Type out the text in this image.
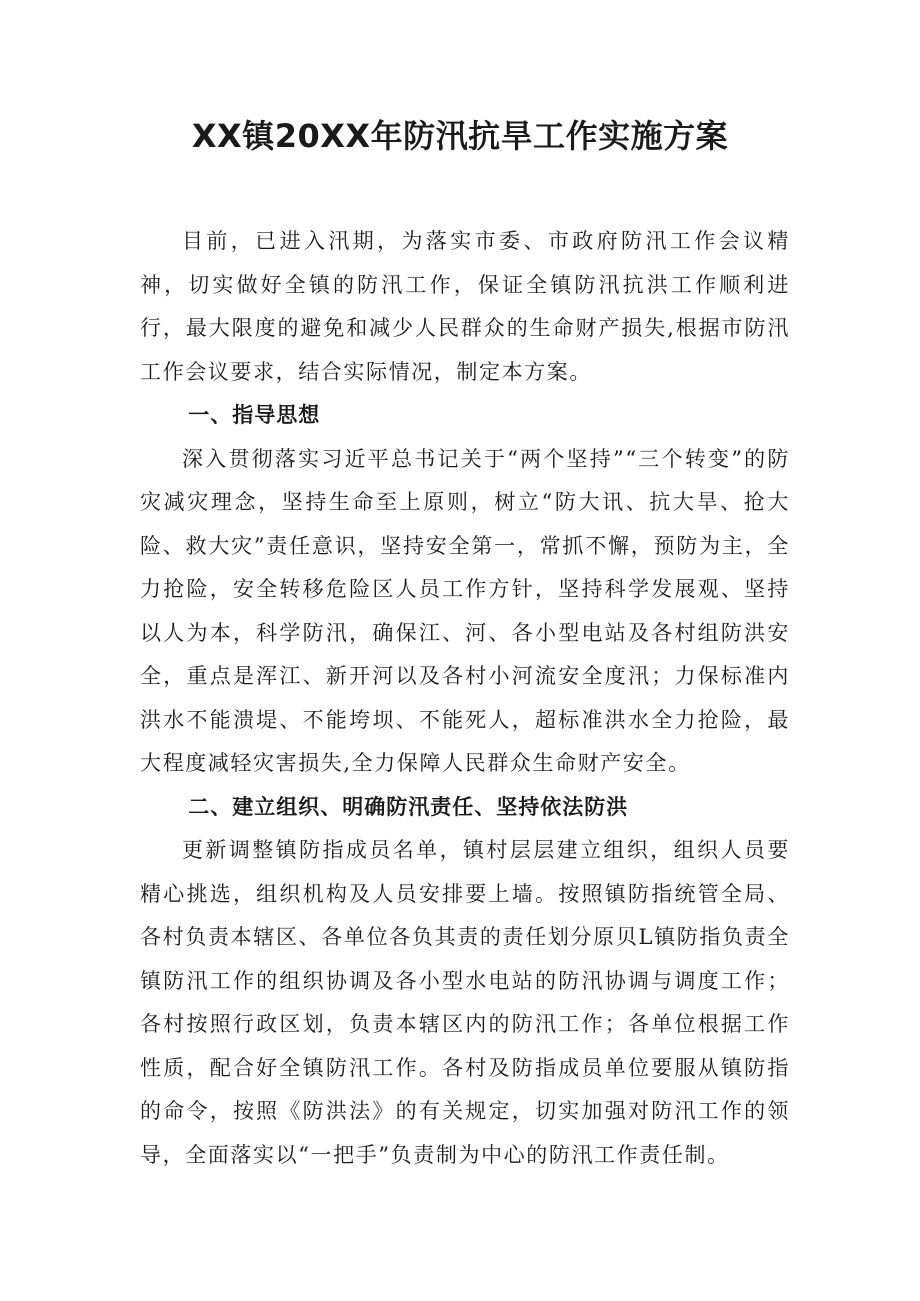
XX镇20XX年防汛抗旱工作实施方案

目前，已进入汛期，为落实市委、市政府防汛工作会议精神，切实做好全镇的防汛工作，保证全镇防汛抗洪工作顺利进行，最大限度的避免和减少人民群众的生命财产损失,根据市防汛工作会议要求，结合实际情况，制定本方案。

一、指导思想

深入贯彻落实习近平总书记关于“两个坚持”“三个转变”的防灾减灾理念，坚持生命至上原则，树立“防大讯、抗大旱、抢大险、救大灾”责任意识，坚持安全第一，常抓不懈，预防为主，全力抢险，安全转移危险区人员工作方针，坚持科学发展观、坚持以人为本，科学防汛，确保江、河、各小型电站及各村组防洪安全，重点是浑江、新开河以及各村小河流安全度汛；力保标准内洪水不能溃堤、不能垮坝、不能死人，超标准洪水全力抢险，最大程度减轻灾害损失,全力保障人民群众生命财产安全。

二、建立组织、明确防汛责任、坚持依法防洪

更新调整镇防指成员名单，镇村层层建立组织，组织人员要精心挑选，组织机构及人员安排要上墙。按照镇防指统管全局、各村负责本辖区、各单位各负其责的责任划分原贝L镇防指负责全镇防汛工作的组织协调及各小型水电站的防汛协调与调度工作；各村按照行政区划，负责本辖区内的防汛工作；各单位根据工作性质，配合好全镇防汛工作。各村及防指成员单位要服从镇防指的命令，按照《防洪法》的有关规定，切实加强对防汛工作的领导，全面落实以“一把手”负责制为中心的防汛工作责任制。
